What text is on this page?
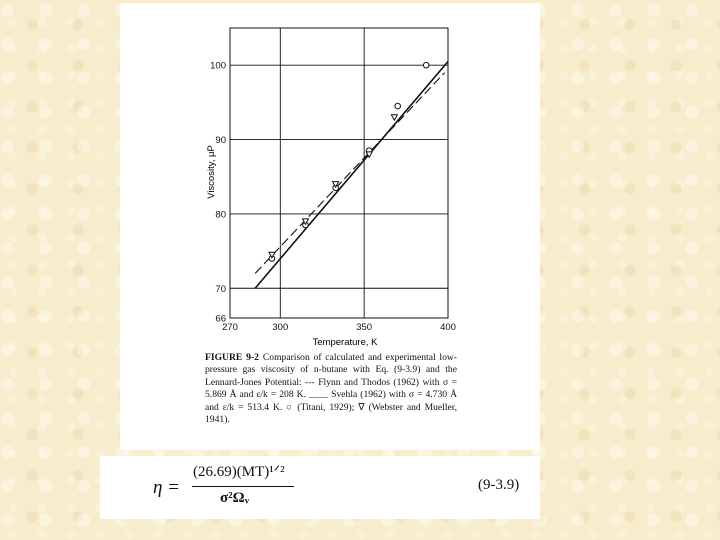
270	300	350	400
66
70
80
90
100
Temperature, K
Viscosity, μP
FIGURE 9-2 Comparison of calculated and experimental low-pressure gas viscosity of n-butane with Eq. (9-3.9) and the Lennard-Jones Potential: --- Flynn and Thodos (1962) with σ = 5.869 Å and ε/k = 208 K. ____ Svehla (1962) with σ = 4.730 Å and ε/k = 513.4 K. ○ (Titani, 1929); ∇ (Webster and Mueller, 1941).
η =
(26.69)(MT)¹ᐟ²
σ²Ωᵥ
(9-3.9)
